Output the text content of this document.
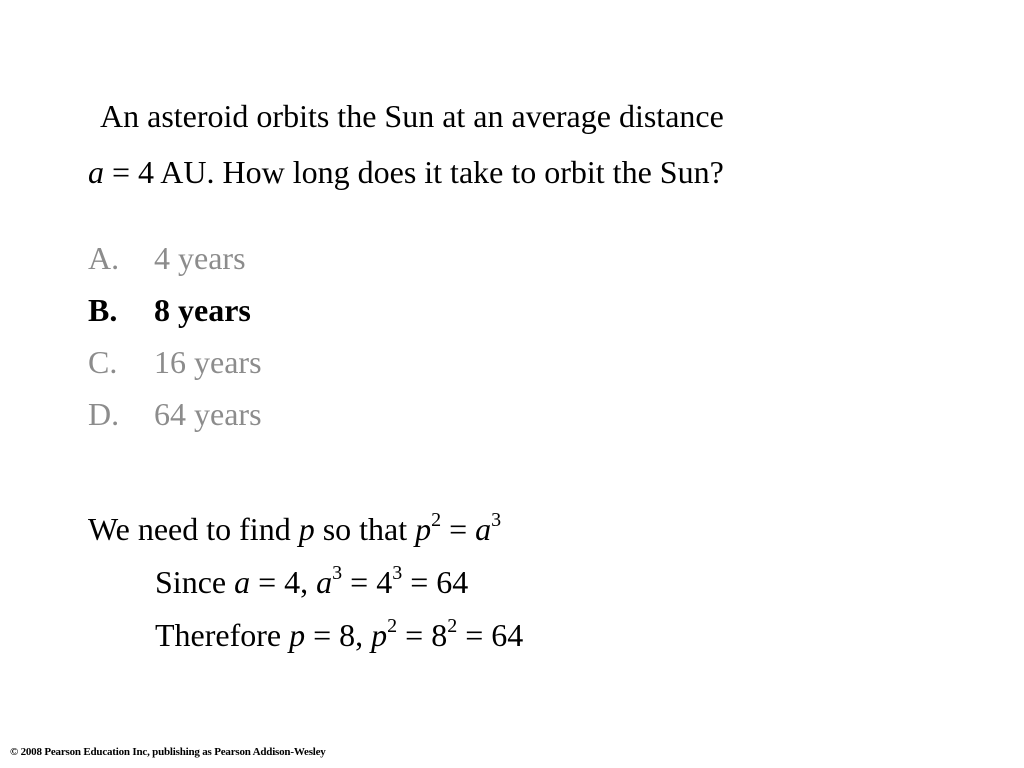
An asteroid orbits the Sun at an average distance
a = 4 AU. How long does it take to orbit the Sun?
A.	4 years
B.	8 years
C.	16 years
D.	64 years
We need to find p so that $p^2 = a^3$
Since a = 4, $a^3 = 4^3 = 64$
Therefore p = 8, $p^2 = 8^2 = 64$
© 2008 Pearson Education Inc, publishing as Pearson Addison-Wesley
